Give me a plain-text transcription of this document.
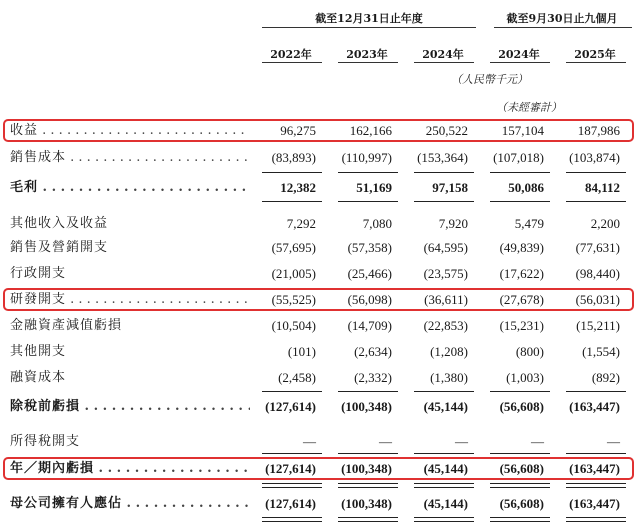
截至12月31日止年度	截至9月30日止九個月
2022年	2023年	2024年	2024年	2025年
（人民幣千元）
（未經審計）
收益 . . .	96,275	162,166	250,522	157,104	187,986
銷售成本 . . .	(83,893)	(110,997)	(153,364)	(107,018)	(103,874)
毛利 . . .	12,382	51,169	97,158	50,086	84,112
其他收入及收益	7,292	7,080	7,920	5,479	2,200
銷售及營銷開支	(57,695)	(57,358)	(64,595)	(49,839)	(77,631)
行政開支	(21,005)	(25,466)	(23,575)	(17,622)	(98,440)
研發開支 . . .	(55,525)	(56,098)	(36,611)	(27,678)	(56,031)
金融資產減值虧損	(10,504)	(14,709)	(22,853)	(15,231)	(15,211)
其他開支	(101)	(2,634)	(1,208)	(800)	(1,554)
融資成本	(2,458)	(2,332)	(1,380)	(1,003)	(892)
除稅前虧損 . . .	(127,614)	(100,348)	(45,144)	(56,608)	(163,447)
所得稅開支	—	—	—	—	—
年／期內虧損 . . .	(127,614)	(100,348)	(45,144)	(56,608)	(163,447)
母公司擁有人應佔 . . .	(127,614)	(100,348)	(45,144)	(56,608)	(163,447)
